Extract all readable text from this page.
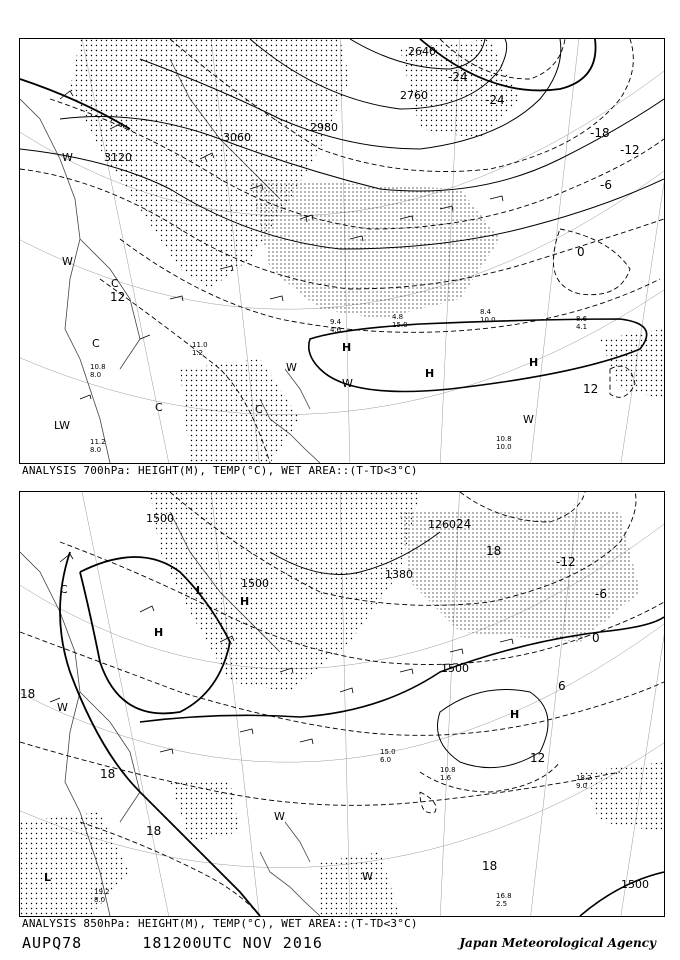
3120
3060
2980
2760
2640
-24
-24
-18
-12
-6
0
12
12
H
H
H
W
W
W
W
W
C
C	C
C
LW
10.8 10.0
8.6 4.1
8.4 10.0
11.2 8.0
10.8 8.0
11.0 1.2
9.4 4.6
4.8 15.0
ANALYSIS 700hPa: HEIGHT(M), TEMP(°C), WET AREA::(T-TD<3°C)
1500
1500
1500
1500
1380
1260 24
18
18
18
18
18
12
6
0
-6
-12
H
H
H
L
L
W
W
W
C
16.8 2.5
18.2 9.0
10.8 1.6
15.0 6.0
19.2 8.0
ANALYSIS 850hPa: HEIGHT(M), TEMP(°C), WET AREA::(T-TD<3°C)
AUPQ78	181200UTC NOV 2016	Japan Meteorological Agency
